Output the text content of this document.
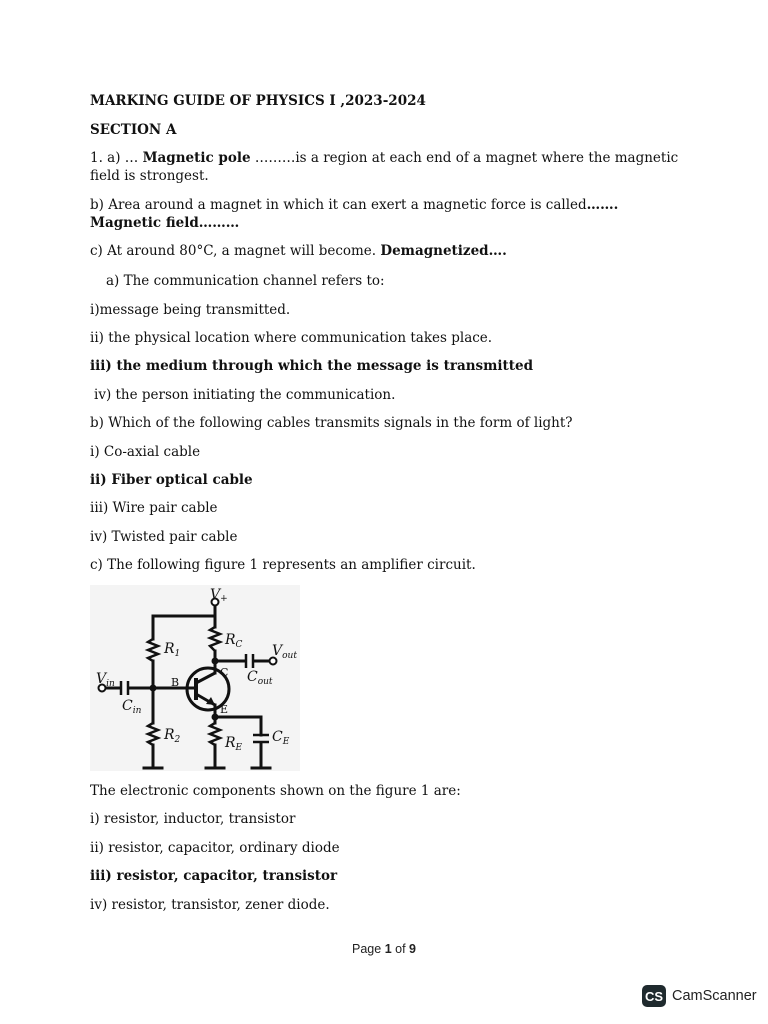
MARKING GUIDE OF PHYSICS I ,2023-2024
SECTION A
1. a) … Magnetic pole ………is a region at each end of a magnet where the magnetic
field is strongest.
b) Area around a magnet in which it can exert a magnetic force is called…….
Magnetic field………
c) At around 80°C, a magnet will become. Demagnetized….
a) The communication channel refers to:
i)message being transmitted.
ii) the physical location where communication takes place.
iii) the medium through which the message is transmitted
iv) the person initiating the communication.
b) Which of the following cables transmits signals in the form of light?
i) Co-axial cable
ii) Fiber optical cable
iii) Wire pair cable
iv) Twisted pair cable
c) The following figure 1 represents an amplifier circuit.
V+
$R_1$
$R_C$ $V_{out}$
C $C_{out}$
$V_{in}$	B
$C_{in}$	E
$R_2$	$R_E$
$C_E$
The electronic components shown on the figure 1 are:
i) resistor, inductor, transistor
ii) resistor, capacitor, ordinary diode
iii) resistor, capacitor, transistor
iv) resistor, transistor, zener diode.
Page 1 of 9
CS CamScanner
